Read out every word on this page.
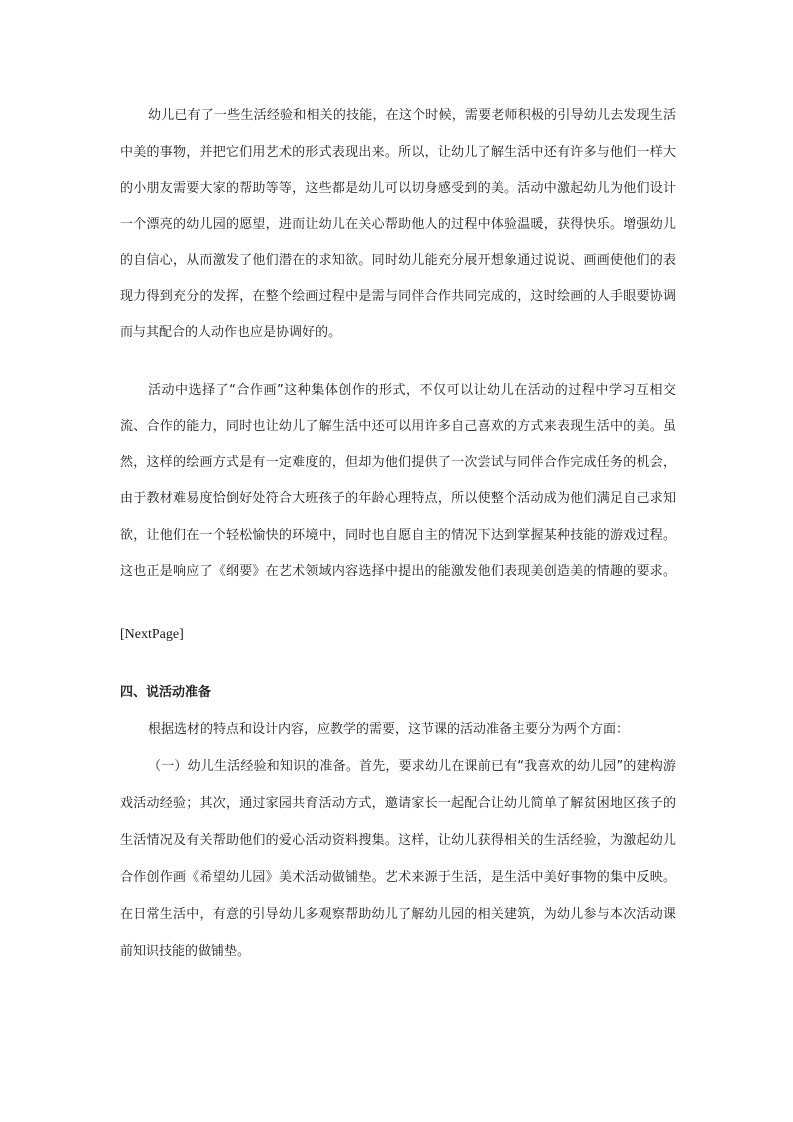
幼儿已有了一些生活经验和相关的技能，在这个时候，需要老师积极的引导幼儿去发现生活
中美的事物，并把它们用艺术的形式表现出来。所以，让幼儿了解生活中还有许多与他们一样大
的小朋友需要大家的帮助等等，这些都是幼儿可以切身感受到的美。活动中激起幼儿为他们设计
一个漂亮的幼儿园的愿望，进而让幼儿在关心帮助他人的过程中体验温暖，获得快乐。增强幼儿
的自信心，从而激发了他们潜在的求知欲。同时幼儿能充分展开想象通过说说、画画使他们的表
现力得到充分的发挥，在整个绘画过程中是需与同伴合作共同完成的，这时绘画的人手眼要协调
而与其配合的人动作也应是协调好的。
活动中选择了“合作画”这种集体创作的形式，不仅可以让幼儿在活动的过程中学习互相交
流、合作的能力，同时也让幼儿了解生活中还可以用许多自己喜欢的方式来表现生活中的美。虽
然，这样的绘画方式是有一定难度的，但却为他们提供了一次尝试与同伴合作完成任务的机会，
由于教材难易度恰倒好处符合大班孩子的年龄心理特点，所以使整个活动成为他们满足自己求知
欲，让他们在一个轻松愉快的环境中，同时也自愿自主的情况下达到掌握某种技能的游戏过程。
这也正是响应了《纲要》在艺术领域内容选择中提出的能激发他们表现美创造美的情趣的要求。
[NextPage]
四、说活动准备
根据选材的特点和设计内容，应教学的需要，这节课的活动准备主要分为两个方面：
（一）幼儿生活经验和知识的准备。首先，要求幼儿在课前已有“我喜欢的幼儿园”的建构游
戏活动经验；其次，通过家园共育活动方式，邀请家长一起配合让幼儿简单了解贫困地区孩子的
生活情况及有关帮助他们的爱心活动资料搜集。这样，让幼儿获得相关的生活经验，为激起幼儿
合作创作画《希望幼儿园》美术活动做铺垫。艺术来源于生活，是生活中美好事物的集中反映。
在日常生活中，有意的引导幼儿多观察帮助幼儿了解幼儿园的相关建筑，为幼儿参与本次活动课
前知识技能的做铺垫。
